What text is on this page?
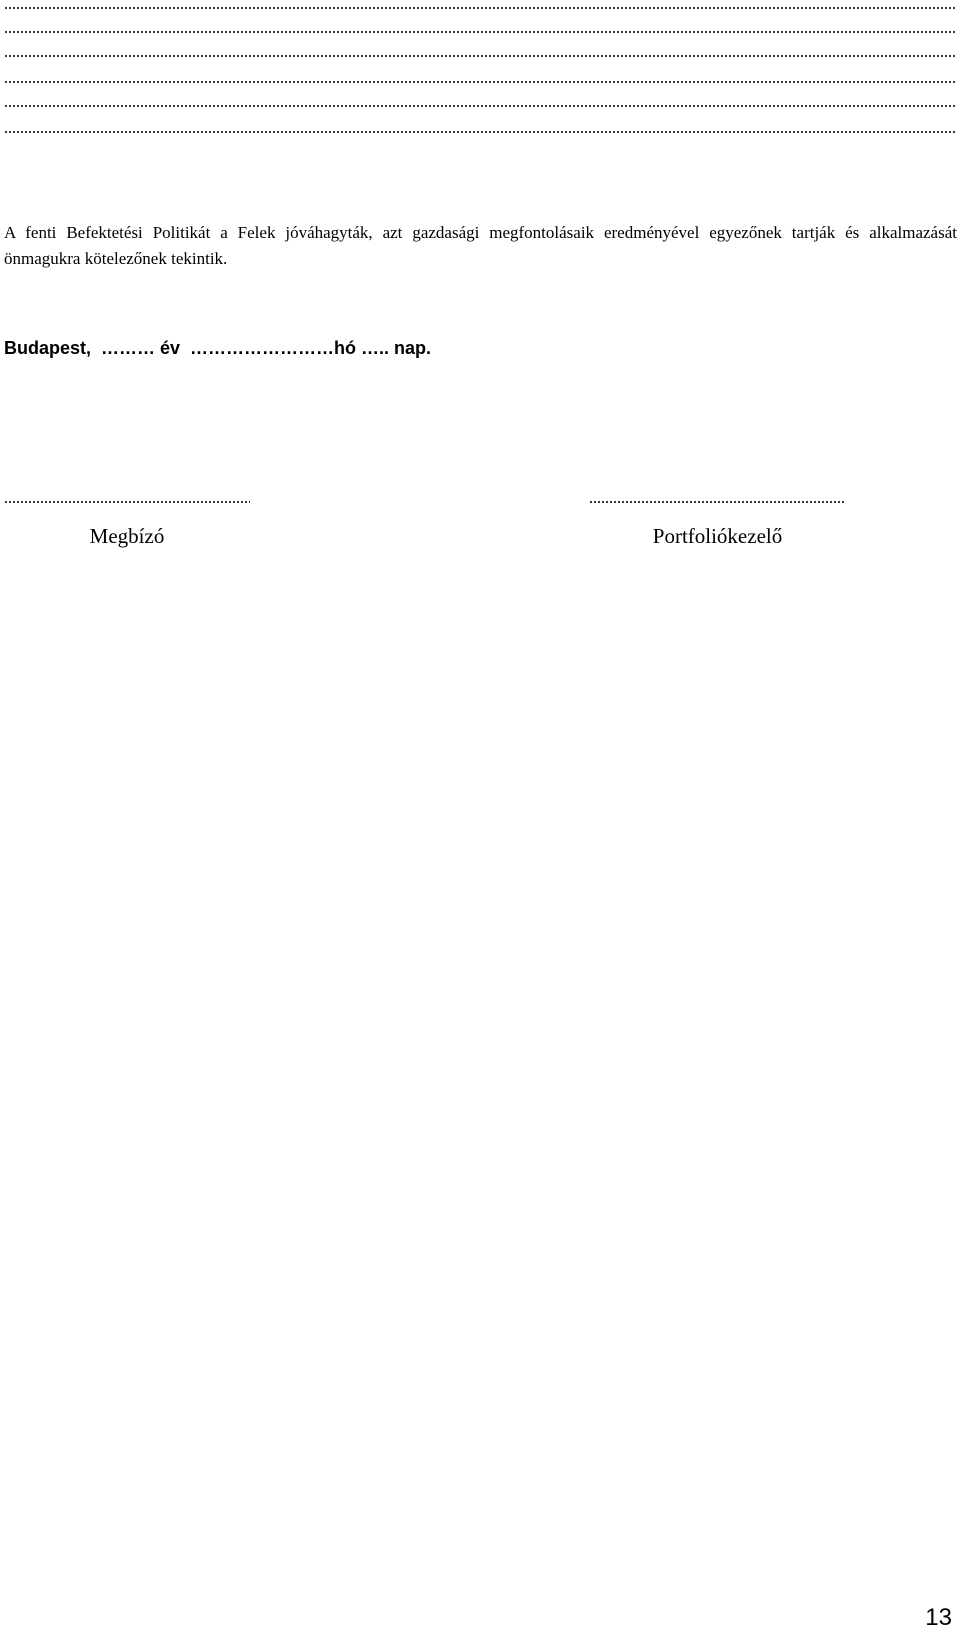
A fenti Befektetési Politikát a Felek jóváhagyták, azt gazdasági megfontolásaik eredményével egyezőnek tartják és alkalmazását önmagukra kötelezőnek tekintik.
Budapest,  ……… év  ……………………hó ….. nap.
Megbízó	Portfoliókezelő
13
